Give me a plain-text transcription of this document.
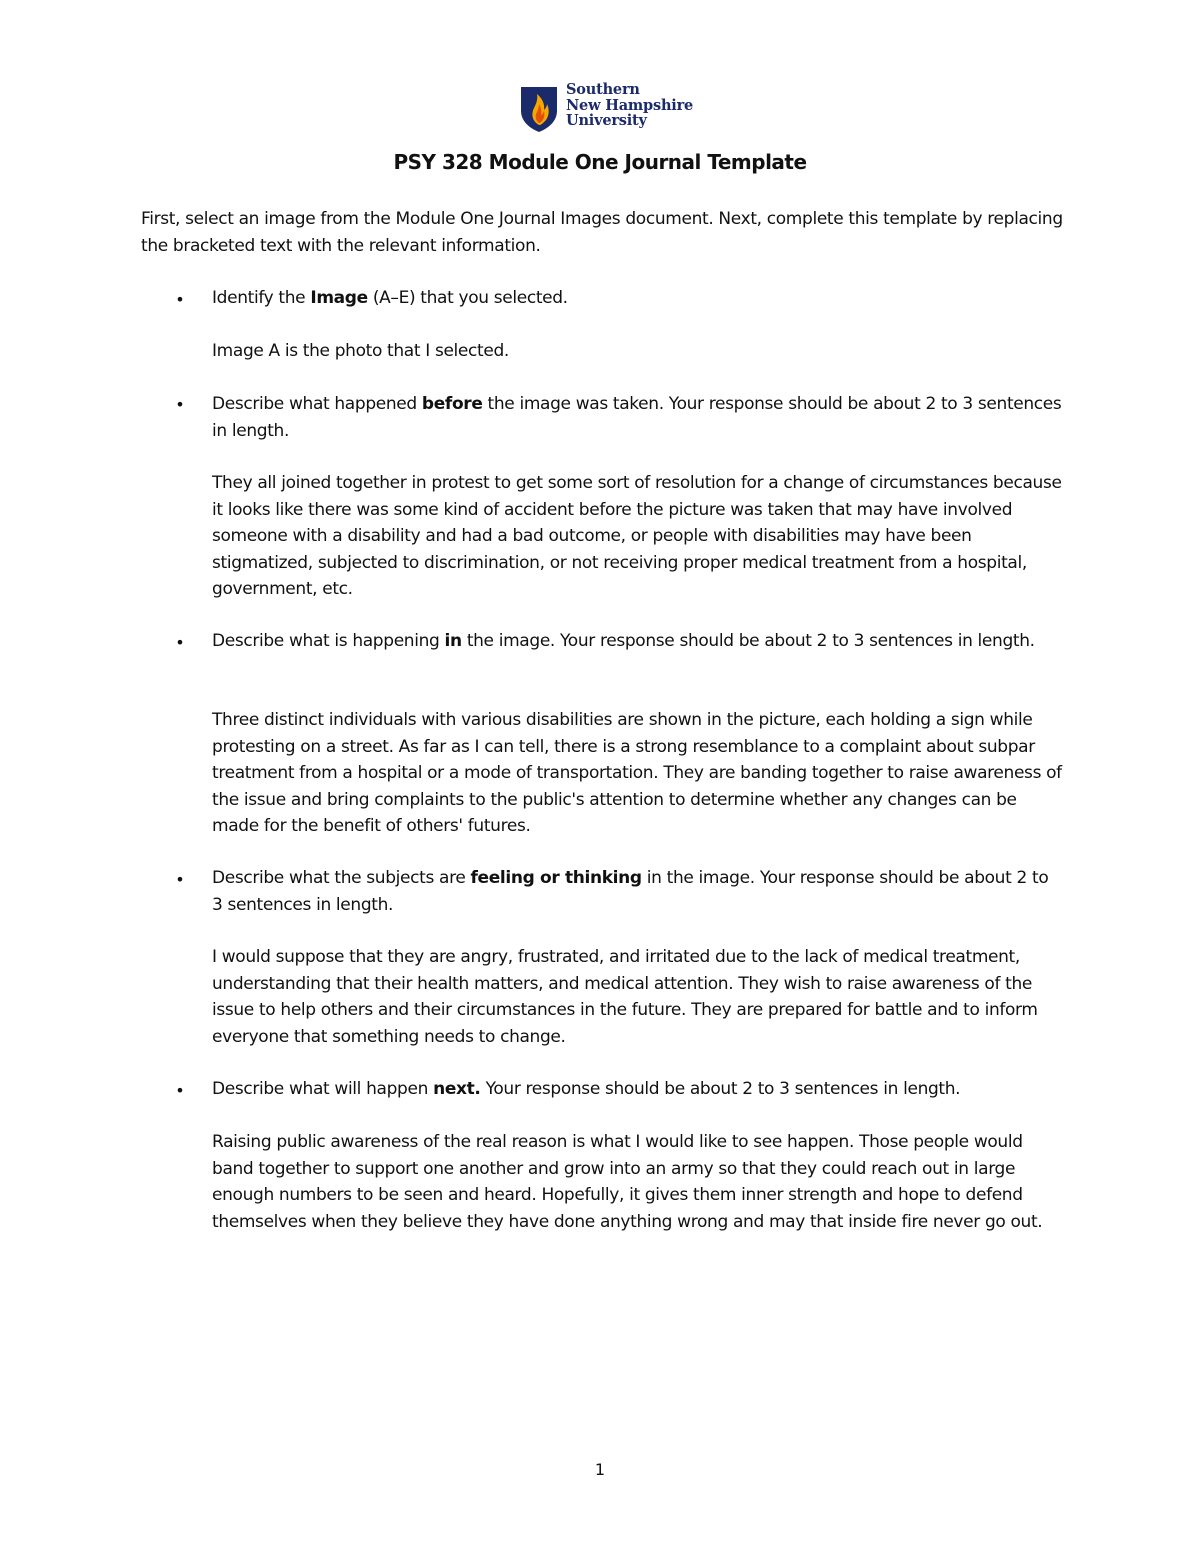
Southern
New Hampshire
University
PSY 328 Module One Journal Template
First, select an image from the Module One Journal Images document. Next, complete this template by replacing the bracketed text with the relevant information.
• Identify the Image (A–E) that you selected.
Image A is the photo that I selected.
• Describe what happened before the image was taken. Your response should be about 2 to 3 sentences in length.
They all joined together in protest to get some sort of resolution for a change of circumstances because it looks like there was some kind of accident before the picture was taken that may have involved someone with a disability and had a bad outcome, or people with disabilities may have been stigmatized, subjected to discrimination, or not receiving proper medical treatment from a hospital, government, etc.
• Describe what is happening in the image. Your response should be about 2 to 3 sentences in length.
Three distinct individuals with various disabilities are shown in the picture, each holding a sign while protesting on a street. As far as I can tell, there is a strong resemblance to a complaint about subpar treatment from a hospital or a mode of transportation. They are banding together to raise awareness of the issue and bring complaints to the public's attention to determine whether any changes can be made for the benefit of others' futures.
• Describe what the subjects are feeling or thinking in the image. Your response should be about 2 to 3 sentences in length.
I would suppose that they are angry, frustrated, and irritated due to the lack of medical treatment, understanding that their health matters, and medical attention. They wish to raise awareness of the issue to help others and their circumstances in the future. They are prepared for battle and to inform everyone that something needs to change.
• Describe what will happen next. Your response should be about 2 to 3 sentences in length.
Raising public awareness of the real reason is what I would like to see happen. Those people would band together to support one another and grow into an army so that they could reach out in large enough numbers to be seen and heard. Hopefully, it gives them inner strength and hope to defend themselves when they believe they have done anything wrong and may that inside fire never go out.
1
